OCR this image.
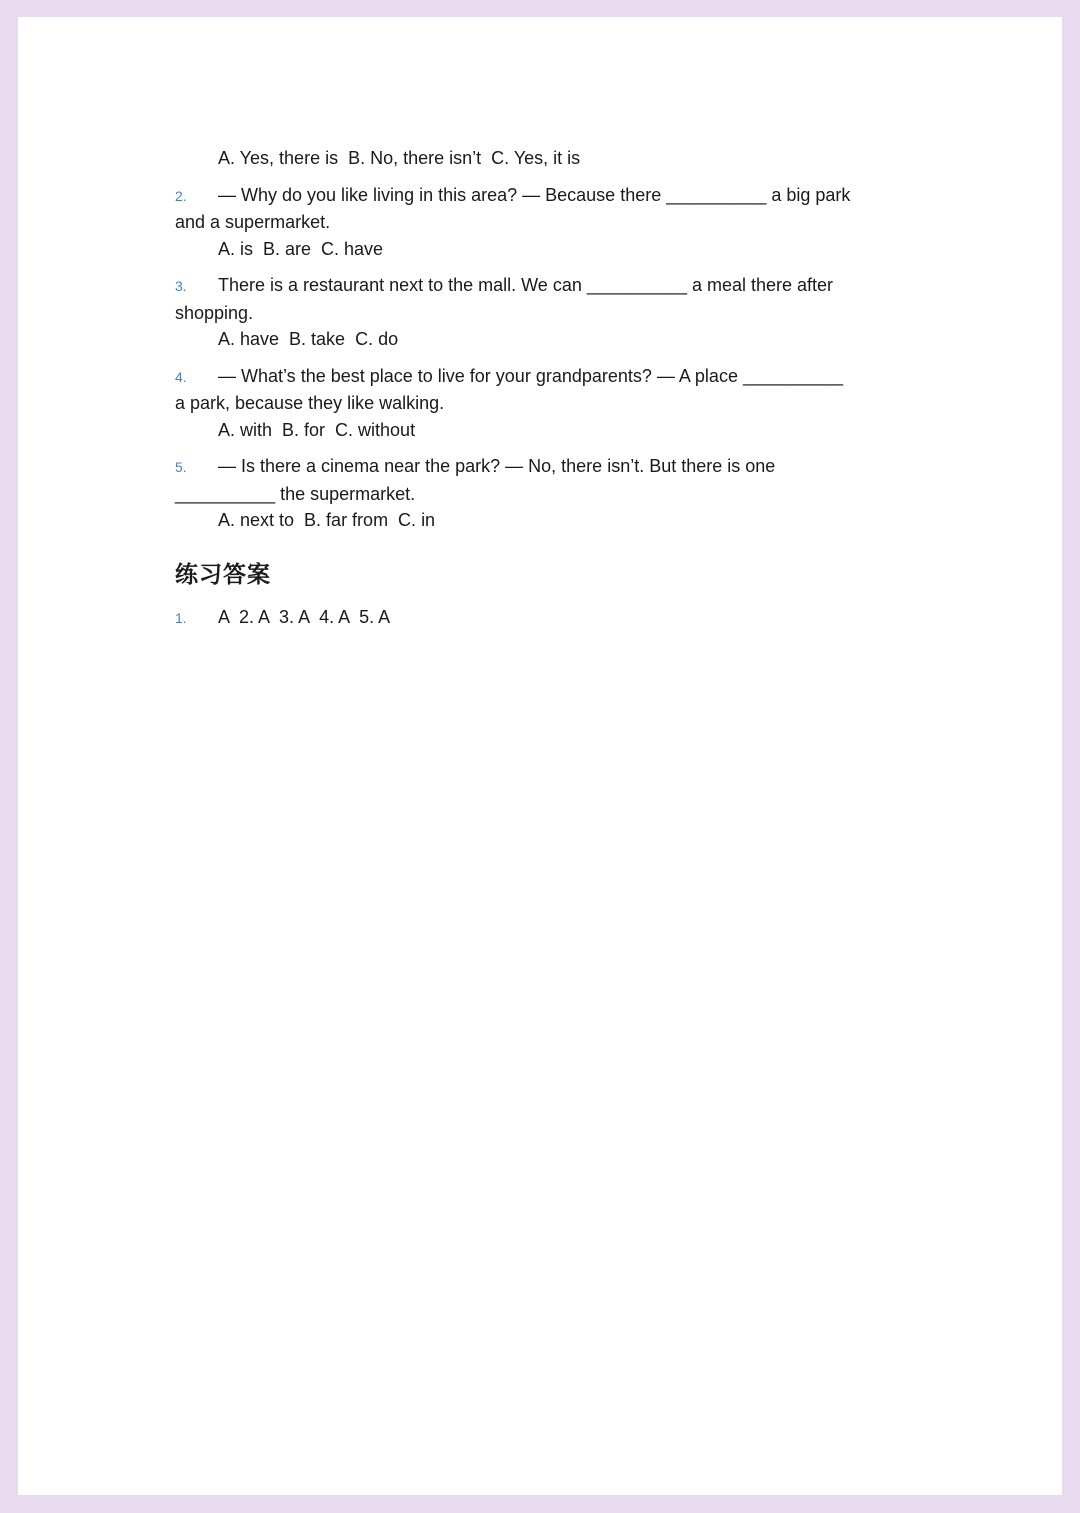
A. Yes, there is  B. No, there isn’t  C. Yes, it is
2. — Why do you like living in this area? — Because there __________ a big park
and a supermarket.
A. is  B. are  C. have
3. There is a restaurant next to the mall. We can __________ a meal there after
shopping.
A. have  B. take  C. do
4. — What’s the best place to live for your grandparents? — A place __________
a park, because they like walking.
A. with  B. for  C. without
5. — Is there a cinema near the park? — No, there isn’t. But there is one
__________ the supermarket.
A. next to  B. far from  C. in
练习答案
1. A  2. A  3. A  4. A  5. A
